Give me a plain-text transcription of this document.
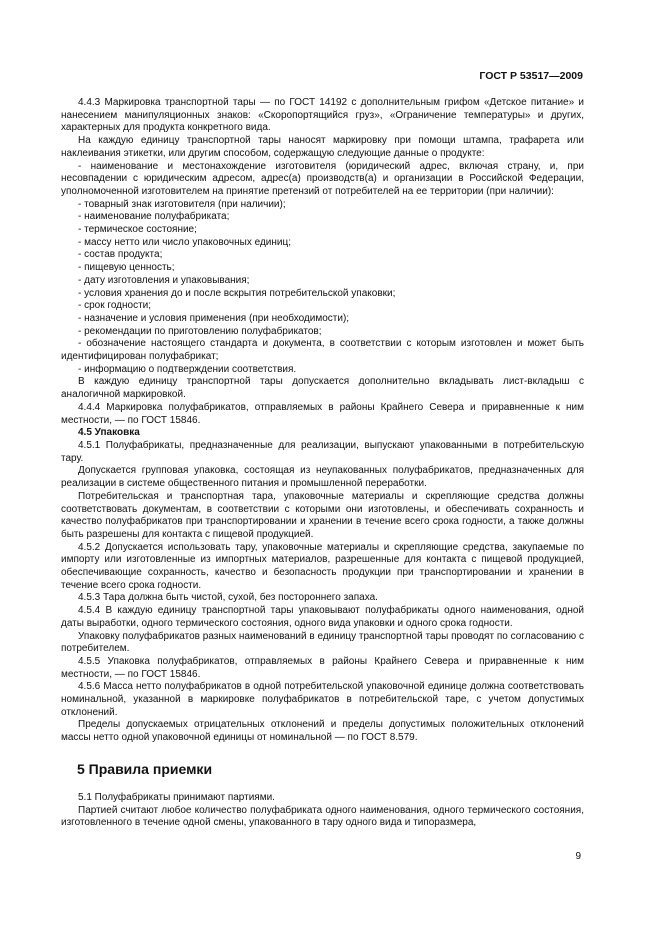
ГОСТ Р 53517—2009

4.4.3 Маркировка транспортной тары — по ГОСТ 14192 с дополнительным грифом «Детское питание» и нанесением манипуляционных знаков: «Скоропортящийся груз», «Ограничение температуры» и других, характерных для продукта конкретного вида.

На каждую единицу транспортной тары наносят маркировку при помощи штампа, трафарета или наклеивания этикетки, или другим способом, содержащую следующие данные о продукте:

- наименование и местонахождение изготовителя (юридический адрес, включая страну, и, при несовпадении с юридическим адресом, адрес(а) производств(а) и организации в Российской Федерации, уполномоченной изготовителем на принятие претензий от потребителей на ее территории (при наличии):

- товарный знак изготовителя (при наличии);

- наименование полуфабриката;

- термическое состояние;

- массу нетто или число упаковочных единиц;

- состав продукта;

- пищевую ценность;

- дату изготовления и упаковывания;

- условия хранения до и после вскрытия потребительской упаковки;

- срок годности;

- назначение и условия применения (при необходимости);

- рекомендации по приготовлению полуфабрикатов;

- обозначение настоящего стандарта и документа, в соответствии с которым изготовлен и может быть идентифицирован полуфабрикат;

- информацию о подтверждении соответствия.

В каждую единицу транспортной тары допускается дополнительно вкладывать лист-вкладыш с аналогичной маркировкой.

4.4.4 Маркировка полуфабрикатов, отправляемых в районы Крайнего Севера и приравненные к ним местности, — по ГОСТ 15846.

4.5 Упаковка

4.5.1 Полуфабрикаты, предназначенные для реализации, выпускают упакованными в потребительскую тару.

Допускается групповая упаковка, состоящая из неупакованных полуфабрикатов, предназначенных для реализации в системе общественного питания и промышленной переработки.

Потребительская и транспортная тара, упаковочные материалы и скрепляющие средства должны соответствовать документам, в соответствии с которыми они изготовлены, и обеспечивать сохранность и качество полуфабрикатов при транспортировании и хранении в течение всего срока годности, а также должны быть разрешены для контакта с пищевой продукцией.

4.5.2 Допускается использовать тару, упаковочные материалы и скрепляющие средства, закупаемые по импорту или изготовленные из импортных материалов, разрешенные для контакта с пищевой продукцией, обеспечивающие сохранность, качество и безопасность продукции при транспортировании и хранении в течение всего срока годности.

4.5.3 Тара должна быть чистой, сухой, без постороннего запаха.

4.5.4 В каждую единицу транспортной тары упаковывают полуфабрикаты одного наименования, одной даты выработки, одного термического состояния, одного вида упаковки и одного срока годности.

Упаковку полуфабрикатов разных наименований в единицу транспортной тары проводят по согласованию с потребителем.

4.5.5 Упаковка полуфабрикатов, отправляемых в районы Крайнего Севера и приравненные к ним местности, — по ГОСТ 15846.

4.5.6 Масса нетто полуфабрикатов в одной потребительской упаковочной единице должна соответствовать номинальной, указанной в маркировке полуфабрикатов в потребительской таре, с учетом допустимых отклонений.

Пределы допускаемых отрицательных отклонений и пределы допустимых положительных отклонений массы нетто одной упаковочной единицы от номинальной — по ГОСТ 8.579.

5 Правила приемки

5.1 Полуфабрикаты принимают партиями.

Партией считают любое количество полуфабриката одного наименования, одного термического состояния, изготовленного в течение одной смены, упакованного в тару одного вида и типоразмера,

9
